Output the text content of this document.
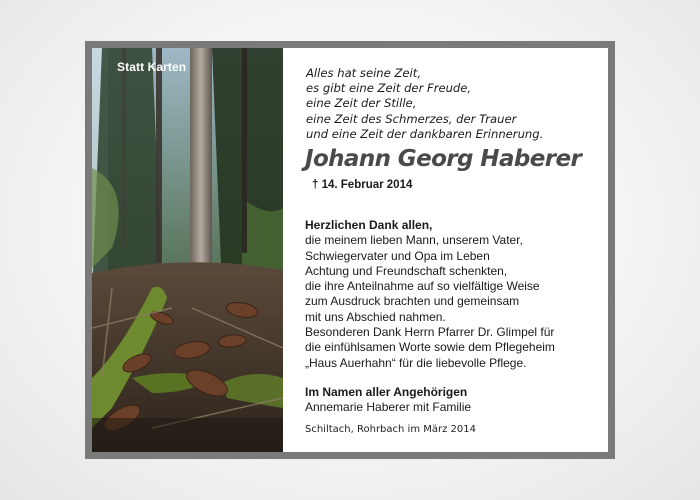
Statt Karten	Alles hat seine Zeit,
es gibt eine Zeit der Freude,
eine Zeit der Stille,
eine Zeit des Schmerzes, der Trauer
und eine Zeit der dankbaren Erinnerung.
Johann Georg Haberer
† 14. Februar 2014
Herzlichen Dank allen,
die meinem lieben Mann, unserem Vater,
Schwiegervater und Opa im Leben
Achtung und Freundschaft schenkten,
die ihre Anteilnahme auf so vielfältige Weise
zum Ausdruck brachten und gemeinsam
mit uns Abschied nahmen.
Besonderen Dank Herrn Pfarrer Dr. Glimpel für
die einfühlsamen Worte sowie dem Pflegeheim
„Haus Auerhahn“ für die liebevolle Pflege.
Im Namen aller Angehörigen
Annemarie Haberer mit Familie
Schiltach, Rohrbach im März 2014
